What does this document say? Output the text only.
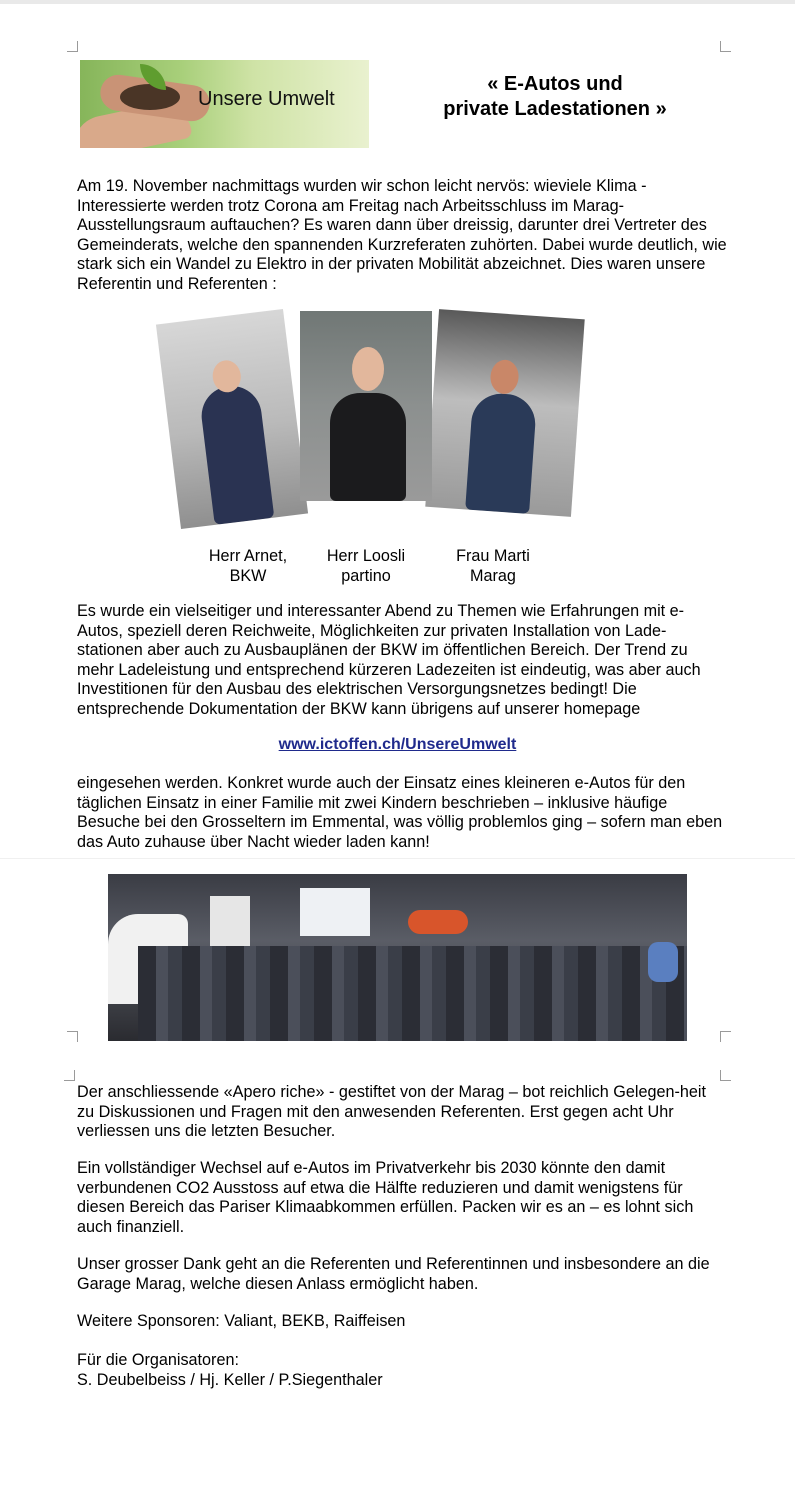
Unsere Umwelt
« E-Autos und
private Ladestationen »
Am 19. November nachmittags wurden wir schon leicht nervös: wieviele Klima - Interessierte werden trotz Corona am Freitag nach Arbeitsschluss im Marag-Ausstellungsraum auftauchen? Es waren dann über dreissig, darunter drei Vertreter des Gemeinderats, welche den spannenden Kurzreferaten zuhörten. Dabei wurde deutlich, wie stark sich ein Wandel zu Elektro in der privaten Mobilität abzeichnet. Dies waren unsere Referentin und Referenten :
Herr Arnet,
BKW
Herr Loosli
partino
Frau Marti
Marag
Es wurde ein vielseitiger und interessanter Abend zu Themen wie Erfahrungen mit e-Autos, speziell deren Reichweite, Möglichkeiten zur privaten Installation von Lade-stationen aber auch zu Ausbauplänen der BKW im öffentlichen Bereich. Der Trend zu mehr Ladeleistung und entsprechend kürzeren Ladezeiten ist eindeutig, was aber auch Investitionen für den Ausbau des elektrischen Versorgungsnetzes bedingt! Die entsprechende Dokumentation der BKW kann übrigens auf unserer homepage
www.ictoffen.ch/UnsereUmwelt
eingesehen werden. Konkret wurde auch der Einsatz eines kleineren e-Autos für den täglichen Einsatz in einer Familie mit zwei Kindern beschrieben – inklusive häufige Besuche bei den Grosseltern im Emmental, was völlig problemlos ging – sofern man eben das Auto zuhause über Nacht wieder laden kann!
Der anschliessende «Apero riche» - gestiftet von der Marag – bot reichlich Gelegen-heit zu Diskussionen und Fragen mit den anwesenden Referenten. Erst gegen acht Uhr verliessen uns die letzten Besucher.
Ein vollständiger Wechsel auf e-Autos im Privatverkehr bis 2030 könnte den damit verbundenen CO2 Ausstoss auf etwa die Hälfte reduzieren und damit wenigstens für diesen Bereich das Pariser Klimaabkommen erfüllen. Packen wir es an – es lohnt sich auch finanziell.
Unser grosser Dank geht an die Referenten und Referentinnen und insbesondere an die Garage Marag, welche diesen Anlass ermöglicht haben.
Weitere Sponsoren: Valiant, BEKB, Raiffeisen
Für die Organisatoren:
S. Deubelbeiss / Hj. Keller / P.Siegenthaler
